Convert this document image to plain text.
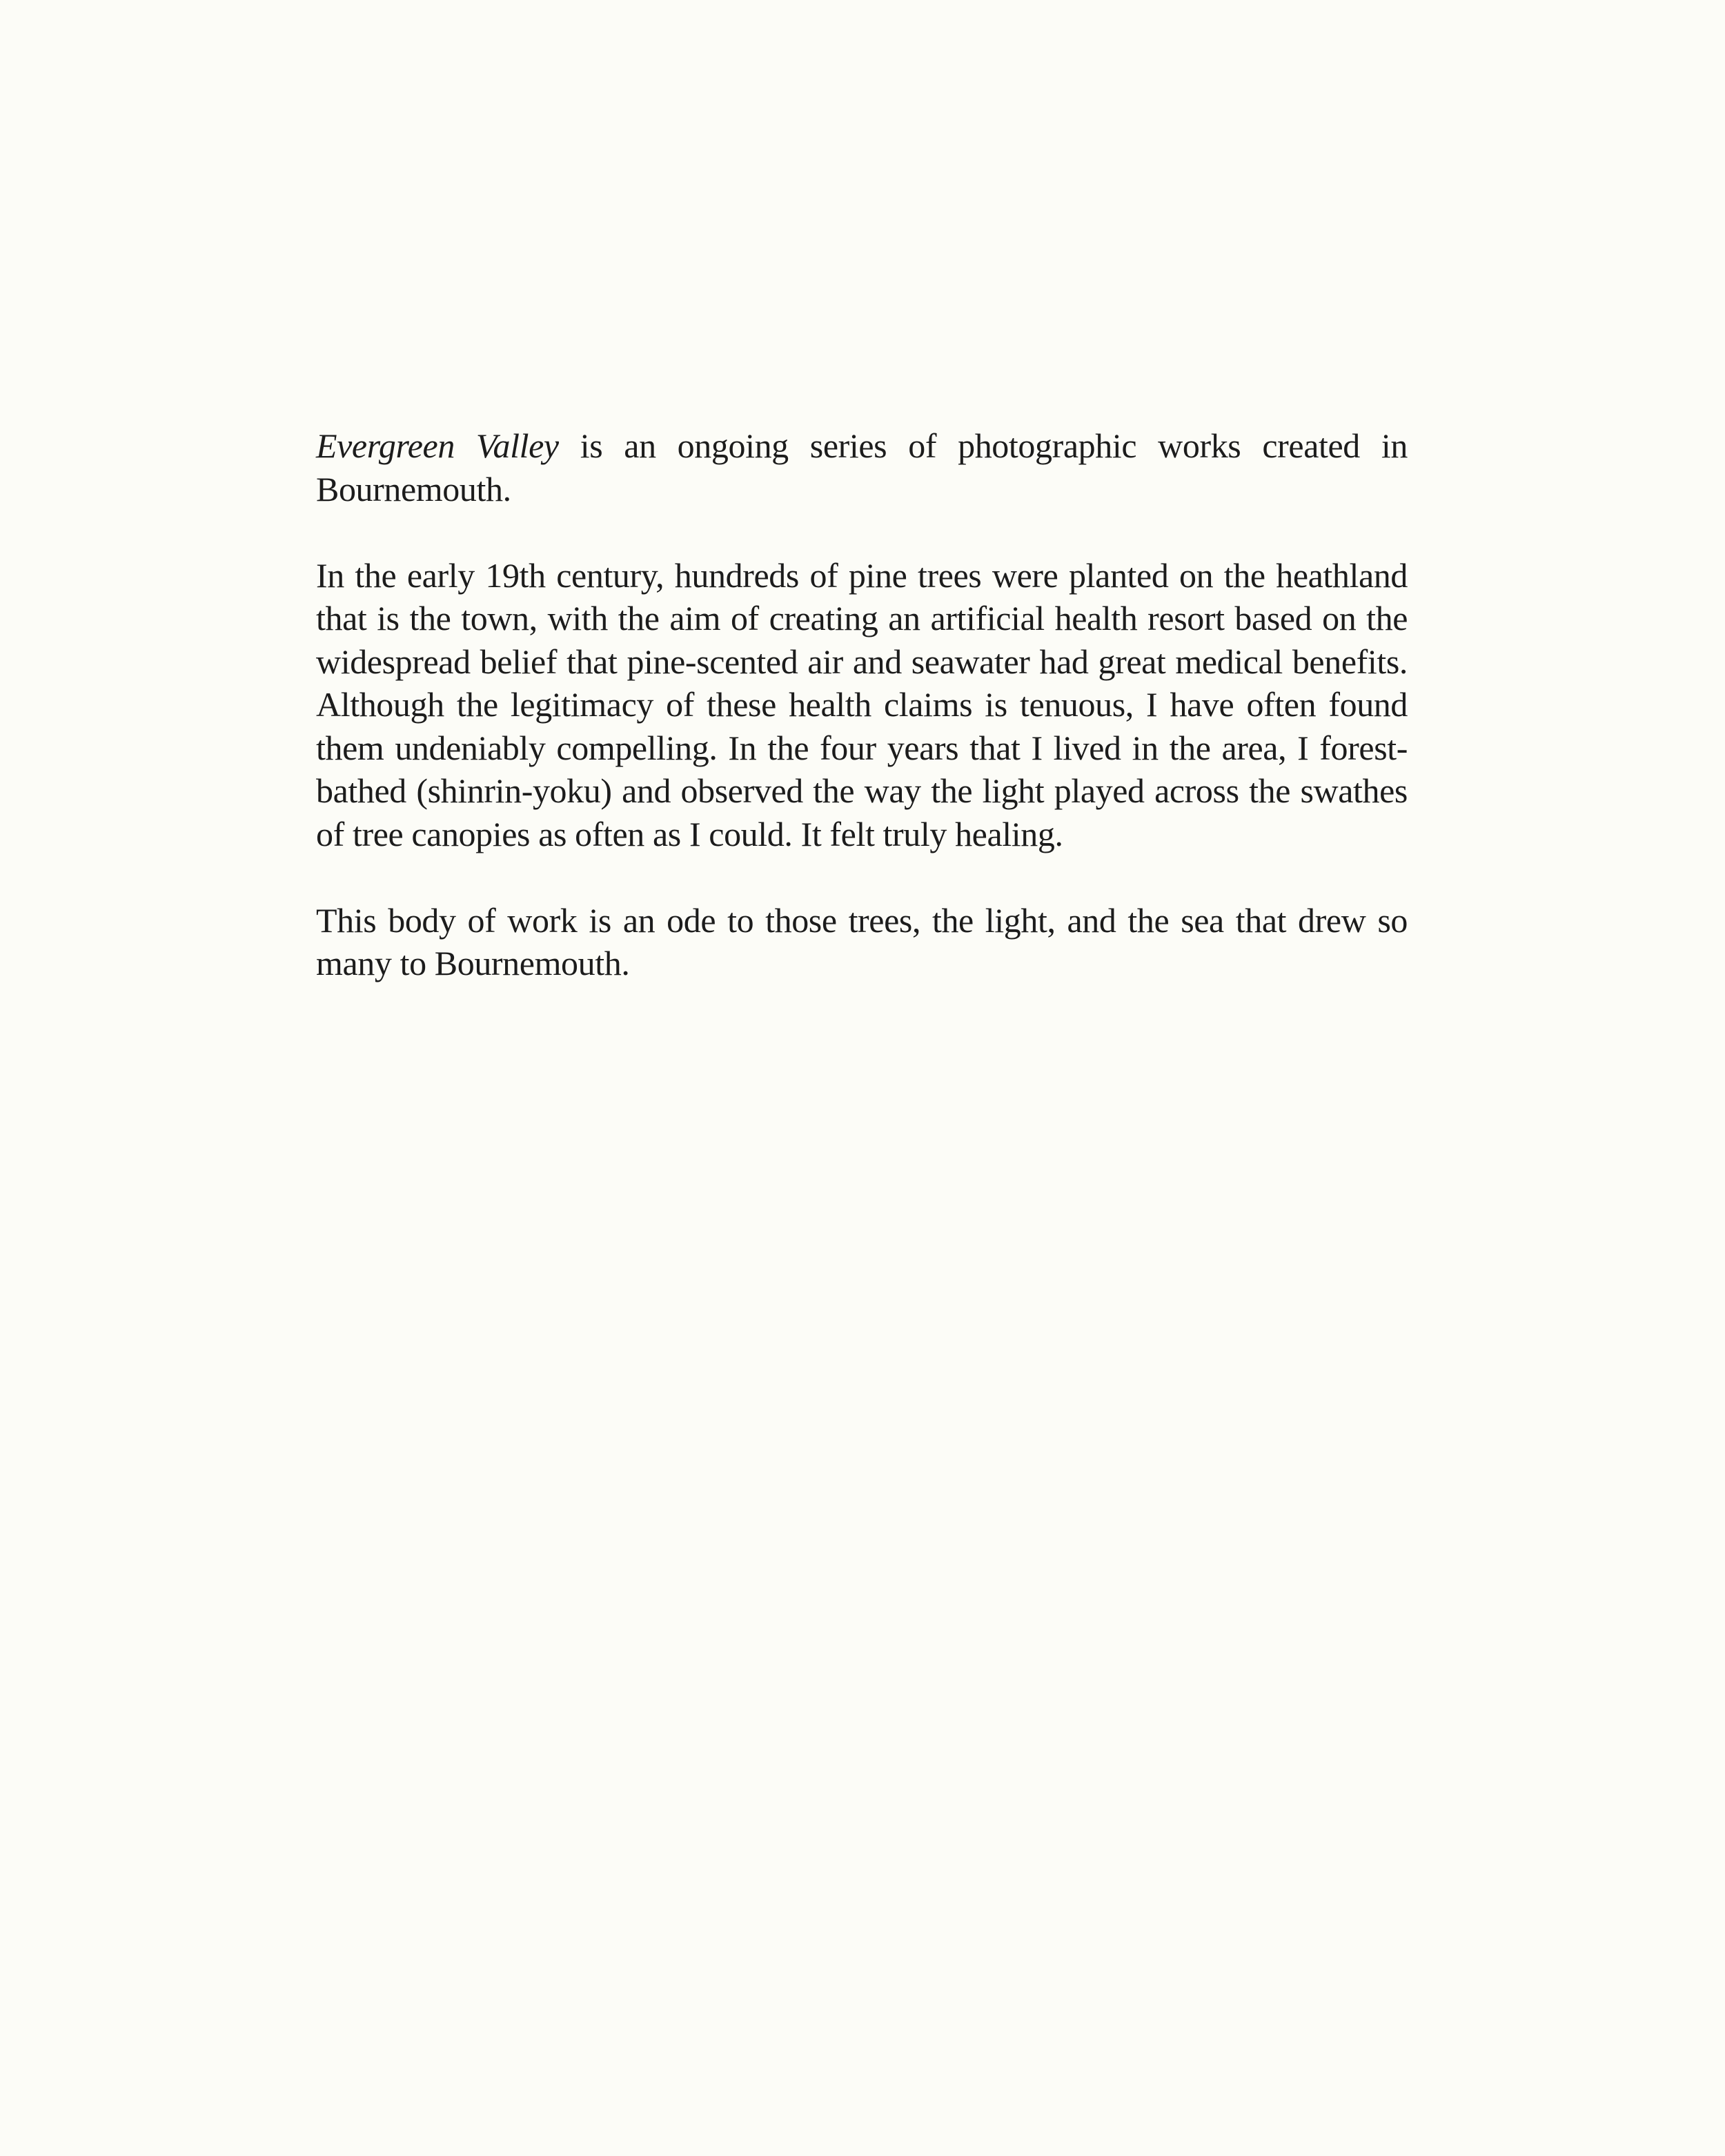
Evergreen Valley is an ongoing series of photographic works created in Bournemouth.

In the early 19th century, hundreds of pine trees were planted on the heathland that is the town, with the aim of creating an artificial health resort based on the widespread belief that pine-scented air and seawater had great medical benefits. Although the legitimacy of these health claims is tenuous, I have often found them undeniably compelling. In the four years that I lived in the area, I forest-bathed (shinrin-yoku) and observed the way the light played across the swathes of tree canopies as often as I could. It felt truly healing.

This body of work is an ode to those trees, the light, and the sea that drew so many to Bournemouth.
